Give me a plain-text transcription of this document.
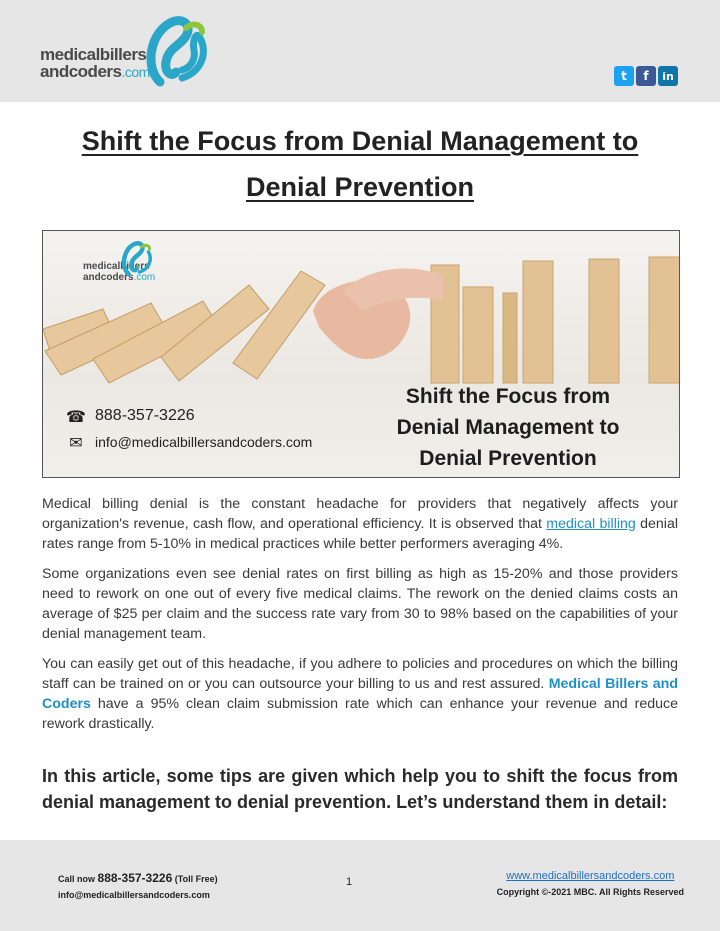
medicalbillers
andcoders.com	t	f	in
Shift the Focus from Denial Management to
Denial Prevention
medicalbillers
andcoders.com
☎ 888-357-3226
✉ info@medicalbillersandcoders.com
Shift the Focus from
Denial Management to
Denial Prevention

Medical billing denial is the constant headache for providers that negatively affects your organization's revenue, cash flow, and operational efficiency. It is observed that medical billing denial rates range from 5-10% in medical practices while better performers averaging 4%.

Some organizations even see denial rates on first billing as high as 15-20% and those providers need to rework on one out of every five medical claims. The rework on the denied claims costs an average of $25 per claim and the success rate vary from 30 to 98% based on the capabilities of your denial management team.

You can easily get out of this headache, if you adhere to policies and procedures on which the billing staff can be trained on or you can outsource your billing to us and rest assured. Medical Billers and Coders have a 95% clean claim submission rate which can enhance your revenue and reduce rework drastically.

In this article, some tips are given which help you to shift the focus from denial management to denial prevention. Let’s understand them in detail:

Call now 888-357-3226 (Toll Free)
info@medicalbillersandcoders.com
1	www.medicalbillersandcoders.com
Copyright ©-2021 MBC. All Rights Reserved
